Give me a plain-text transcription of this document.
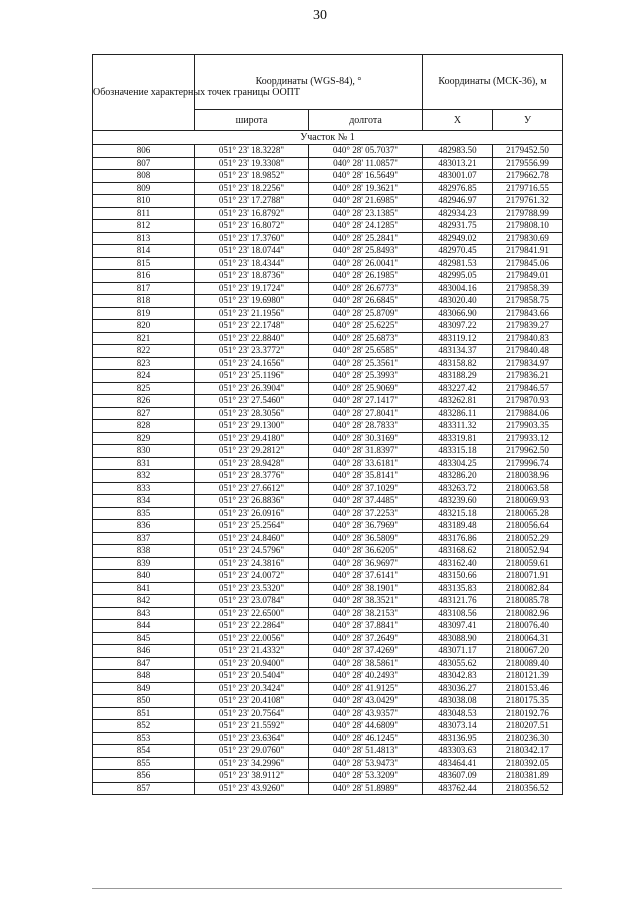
30
Обозначение характерных точек границы ООПТ	Координаты (WGS-84), °		Координаты (МСК-36), м	
	широта	долгота	Х	У
Участок № 1				
806	051° 23' 18.3228"	040° 28' 05.7037"	482983.50	2179452.50
807	051° 23' 19.3308"	040° 28' 11.0857"	483013.21	2179556.99
808	051° 23' 18.9852"	040° 28' 16.5649"	483001.07	2179662.78
809	051° 23' 18.2256"	040° 28' 19.3621"	482976.85	2179716.55
810	051° 23' 17.2788"	040° 28' 21.6985"	482946.97	2179761.32
811	051° 23' 16.8792"	040° 28' 23.1385"	482934.23	2179788.99
812	051° 23' 16.8072"	040° 28' 24.1285"	482931.75	2179808.10
813	051° 23' 17.3760"	040° 28' 25.2841"	482949.02	2179830.69
814	051° 23' 18.0744"	040° 28' 25.8493"	482970.45	2179841.91
815	051° 23' 18.4344"	040° 28' 26.0041"	482981.53	2179845.06
816	051° 23' 18.8736"	040° 28' 26.1985"	482995.05	2179849.01
817	051° 23' 19.1724"	040° 28' 26.6773"	483004.16	2179858.39
818	051° 23' 19.6980"	040° 28' 26.6845"	483020.40	2179858.75
819	051° 23' 21.1956"	040° 28' 25.8709"	483066.90	2179843.66
820	051° 23' 22.1748"	040° 28' 25.6225"	483097.22	2179839.27
821	051° 23' 22.8840"	040° 28' 25.6873"	483119.12	2179840.83
822	051° 23' 23.3772"	040° 28' 25.6585"	483134.37	2179840.48
823	051° 23' 24.1656"	040° 28' 25.3561"	483158.82	2179834.97
824	051° 23' 25.1196"	040° 28' 25.3993"	483188.29	2179836.21
825	051° 23' 26.3904"	040° 28' 25.9069"	483227.42	2179846.57
826	051° 23' 27.5460"	040° 28' 27.1417"	483262.81	2179870.93
827	051° 23' 28.3056"	040° 28' 27.8041"	483286.11	2179884.06
828	051° 23' 29.1300"	040° 28' 28.7833"	483311.32	2179903.35
829	051° 23' 29.4180"	040° 28' 30.3169"	483319.81	2179933.12
830	051° 23' 29.2812"	040° 28' 31.8397"	483315.18	2179962.50
831	051° 23' 28.9428"	040° 28' 33.6181"	483304.25	2179996.74
832	051° 23' 28.3776"	040° 28' 35.8141"	483286.20	2180038.96
833	051° 23' 27.6612"	040° 28' 37.1029"	483263.72	2180063.58
834	051° 23' 26.8836"	040° 28' 37.4485"	483239.60	2180069.93
835	051° 23' 26.0916"	040° 28' 37.2253"	483215.18	2180065.28
836	051° 23' 25.2564"	040° 28' 36.7969"	483189.48	2180056.64
837	051° 23' 24.8460"	040° 28' 36.5809"	483176.86	2180052.29
838	051° 23' 24.5796"	040° 28' 36.6205"	483168.62	2180052.94
839	051° 23' 24.3816"	040° 28' 36.9697"	483162.40	2180059.61
840	051° 23' 24.0072"	040° 28' 37.6141"	483150.66	2180071.91
841	051° 23' 23.5320"	040° 28' 38.1901"	483135.83	2180082.84
842	051° 23' 23.0784"	040° 28' 38.3521"	483121.76	2180085.78
843	051° 23' 22.6500"	040° 28' 38.2153"	483108.56	2180082.96
844	051° 23' 22.2864"	040° 28' 37.8841"	483097.41	2180076.40
845	051° 23' 22.0056"	040° 28' 37.2649"	483088.90	2180064.31
846	051° 23' 21.4332"	040° 28' 37.4269"	483071.17	2180067.20
847	051° 23' 20.9400"	040° 28' 38.5861"	483055.62	2180089.40
848	051° 23' 20.5404"	040° 28' 40.2493"	483042.83	2180121.39
849	051° 23' 20.3424"	040° 28' 41.9125"	483036.27	2180153.46
850	051° 23' 20.4108"	040° 28' 43.0429"	483038.08	2180175.35
851	051° 23' 20.7564"	040° 28' 43.9357"	483048.53	2180192.76
852	051° 23' 21.5592"	040° 28' 44.6809"	483073.14	2180207.51
853	051° 23' 23.6364"	040° 28' 46.1245"	483136.95	2180236.30
854	051° 23' 29.0760"	040° 28' 51.4813"	483303.63	2180342.17
855	051° 23' 34.2996"	040° 28' 53.9473"	483464.41	2180392.05
856	051° 23' 38.9112"	040° 28' 53.3209"	483607.09	2180381.89
857	051° 23' 43.9260"	040° 28' 51.8989"	483762.44	2180356.52
